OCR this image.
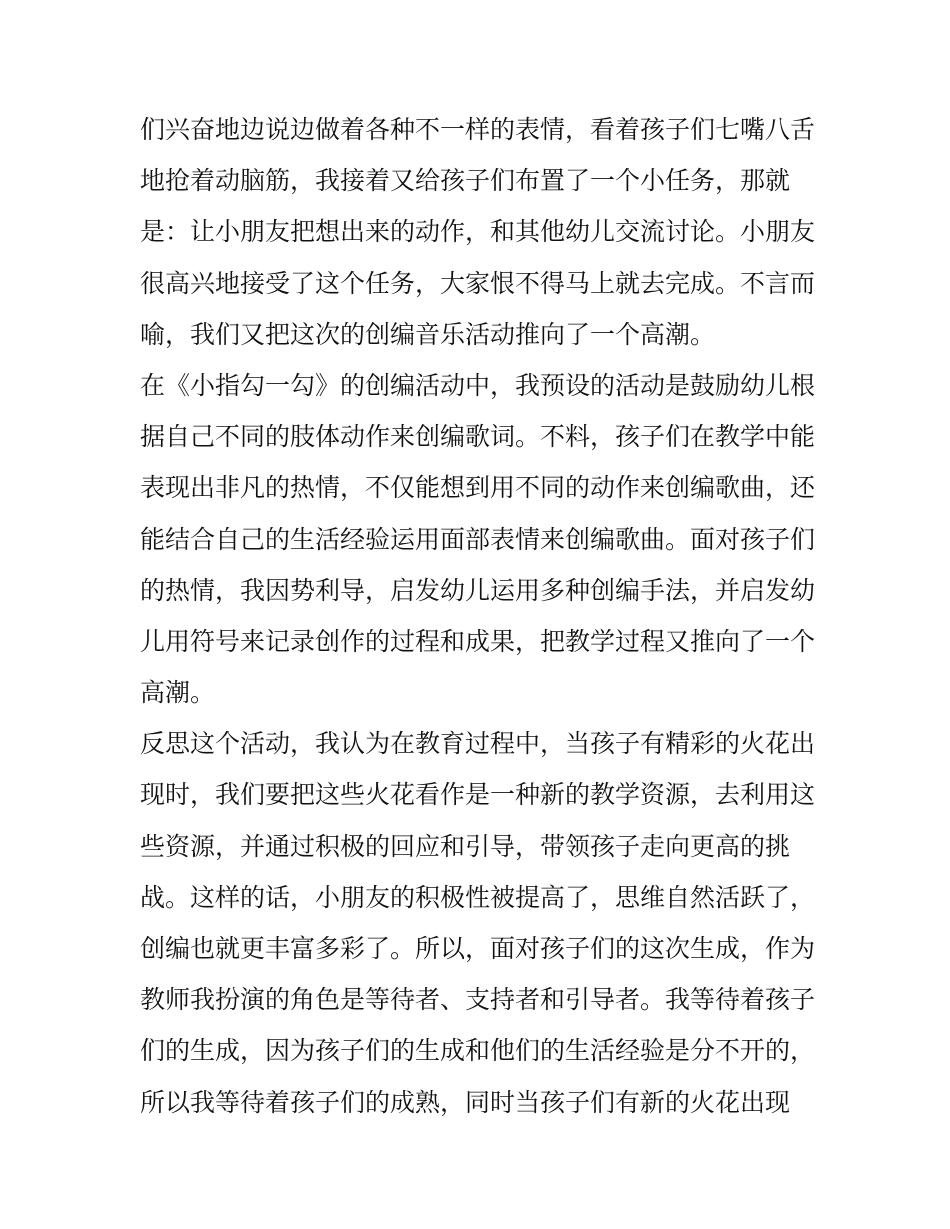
们兴奋地边说边做着各种不一样的表情，看着孩子们七嘴八舌
地抢着动脑筋，我接着又给孩子们布置了一个小任务，那就
是：让小朋友把想出来的动作，和其他幼儿交流讨论。小朋友
很高兴地接受了这个任务，大家恨不得马上就去完成。不言而
喻，我们又把这次的创编音乐活动推向了一个高潮。
在《小指勾一勾》的创编活动中，我预设的活动是鼓励幼儿根
据自己不同的肢体动作来创编歌词。不料，孩子们在教学中能
表现出非凡的热情，不仅能想到用不同的动作来创编歌曲，还
能结合自己的生活经验运用面部表情来创编歌曲。面对孩子们
的热情，我因势利导，启发幼儿运用多种创编手法，并启发幼
儿用符号来记录创作的过程和成果，把教学过程又推向了一个
高潮。
反思这个活动，我认为在教育过程中，当孩子有精彩的火花出
现时，我们要把这些火花看作是一种新的教学资源，去利用这
些资源，并通过积极的回应和引导，带领孩子走向更高的挑
战。这样的话，小朋友的积极性被提高了，思维自然活跃了，
创编也就更丰富多彩了。所以，面对孩子们的这次生成，作为
教师我扮演的角色是等待者、支持者和引导者。我等待着孩子
们的生成，因为孩子们的生成和他们的生活经验是分不开的，
所以我等待着孩子们的成熟，同时当孩子们有新的火花出现
